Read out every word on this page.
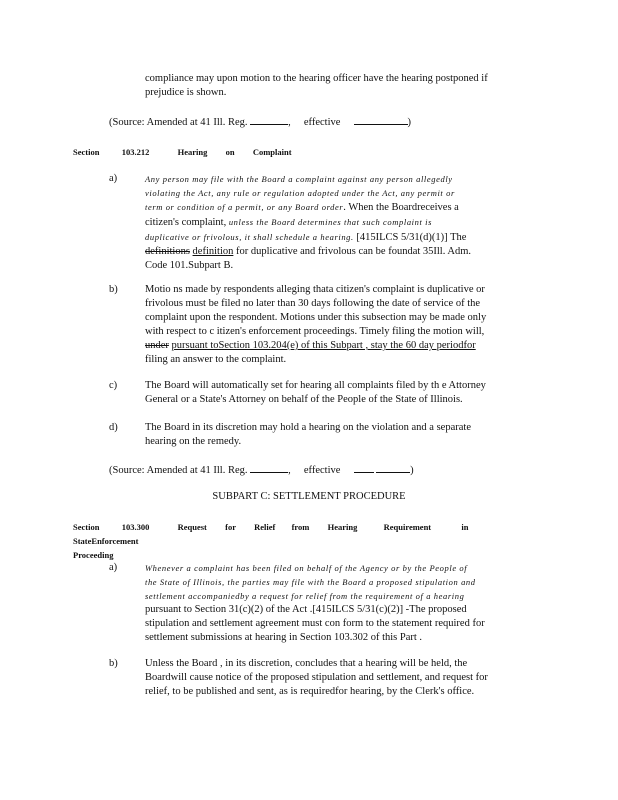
compliance may upon motion to the hearing officer have the hearing postponed if
prejudice is shown.
(Source: Amended at 41 Ill. Reg.	, effective	)
Section	103.212	Hearing on Complaint
a)	Any person may file with the Board a complaint against any person allegedly
violating the Act, any rule or regulation adopted under the Act, any permit or
term or condition of a permit, or any Board order. When the Boardreceives a
citizen's complaint, unless the Board determines that such complaint is
duplicative or frivolous, it shall schedule a hearing. [415ILCS 5/31(d)(1)] The
definitions definition for duplicative and frivolous can be foundat 35Ill. Adm.
Code 101.Subpart B.
b)	Motio ns made by respondents alleging thata citizen's complaint is duplicative or
frivolous must be filed no later than 30 days following the date of service of the
complaint upon the respondent. Motions under this subsection may be made only
with respect to c itizen's enforcement proceedings. Timely filing the motion will,
under pursuant toSection 103.204(e) of this Subpart , stay the 60 day periodfor
filing an answer to the complaint.
c)	The Board will automatically set for hearing all complaints filed by th e Attorney
General or a State's Attorney on behalf of the People of the State of Illinois.
d)	The Board in its discretion may hold a hearing on the violation and a separate
hearing on the remedy.
(Source: Amended at 41 Ill. Reg.	, effective	)
SUBPART C: SETTLEMENT PROCEDURE
Section	103.300	Request for Relief from Hearing	Requirement	in  StateEnforcement
Proceeding
a)	Whenever a complaint has been filed on behalf of the Agency or by the People of
the State of Illinois, the parties may file with the Board a proposed stipulation and
settlement accompaniedby a request for relief from the requirement of a hearing
pursuant to Section 31(c)(2) of the Act .[415ILCS 5/31(c)(2)] -The proposed
stipulation and settlement agreement must con form to the statement required for
settlement submissions at hearing in Section 103.302 of this Part .
b)	Unless the Board , in its discretion, concludes that a hearing will be held, the
Boardwill cause notice of the proposed stipulation and settlement, and request for
relief, to be published and sent, as is requiredfor hearing, by the Clerk's office.
